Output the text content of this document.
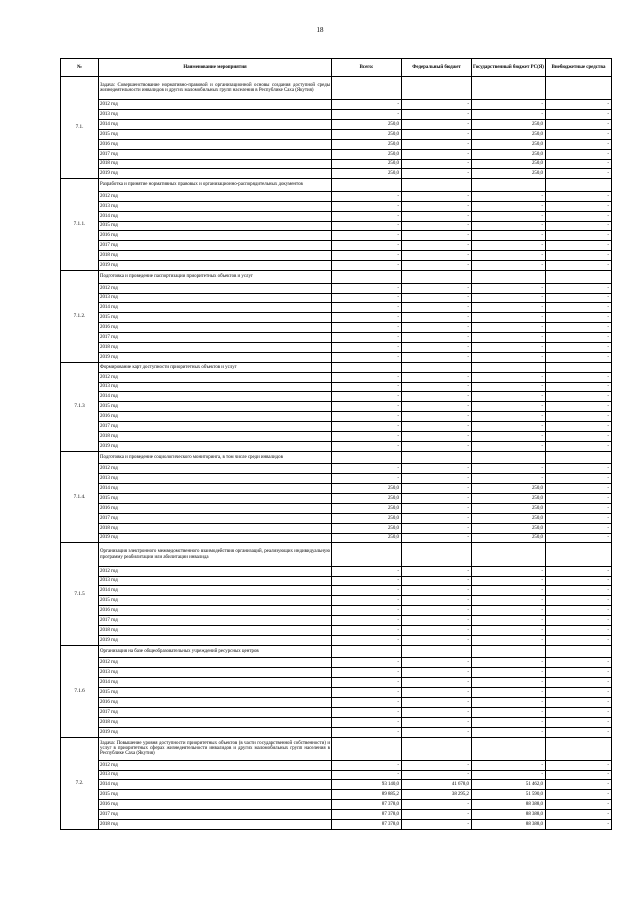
18
№	Наименование мероприятия	Всего:	Федеральный бюджет	Государственный бюджет РС(Я)	Внебюджетные средства
7.1.	Задача: Совершенствование нормативно-правовой и организационной основы создания доступной среды жизнедеятельности инвалидов и других маломобильных групп населения в Республике Саха (Якутия)				
	2012 год	-	-	-	-
	2013 год	-	-	-	-
	2014 год	250,0	-	250,0	-
	2015 год	250,0	-	250,0	-
	2016 год	250,0	-	250,0	-
	2017 год	250,0	-	250,0	-
	2018 год	250,0	-	250,0	-
	2019 год	250,0	-	250,0	-
7.1.1.	Разработка и принятие нормативных правовых и организационно-распорядительных документов				
	2012 год	-	-	-	-
	2013 год	-	-	-	-
	2014 год	-	-	-	-
	2015 год	-	-	-	-
	2016 год	-	-	-	-
	2017 год	-	-	-	-
	2018 год	-	-	-	-
	2019 год	-	-	-	-
7.1.2.	Подготовка и проведение паспортизации приоритетных объектов и услуг				
	2012 год	-	-	-	-
	2013 год	-	-	-	-
	2014 год	-	-	-	-
	2015 год	-	-	-	-
	2016 год	-	-	-	-
	2017 год	-	-	-	-
	2018 год	-	-	-	-
	2019 год	-	-	-	-
7.1.3	Формирование карт доступности приоритетных объектов и услуг				
	2012 год	-	-	-	-
	2013 год	-	-	-	-
	2014 год	-	-	-	-
	2015 год	-	-	-	-
	2016 год	-	-	-	-
	2017 год	-	-	-	-
	2018 год	-	-	-	-
	2019 год	-	-	-	-
7.1.4.	Подготовка и проведение социологического мониторинга, в том числе среди инвалидов				
	2012 год	-	-	-	-
	2013 год	-	-	-	-
	2014 год	250,0	-	250,0	-
	2015 год	250,0	-	250,0	-
	2016 год	250,0	-	250,0	-
	2017 год	250,0	-	250,0	-
	2018 год	250,0	-	250,0	-
	2019 год	250,0	-	250,0	-
7.1.5	Организация электронного межведомственного взаимодействия организаций, реализующих индивидуальную программу реабилитации или абилитации инвалида				
	2012 год	-	-	-	-
	2013 год	-	-	-	-
	2014 год	-	-	-	-
	2015 год	-	-	-	-
	2016 год	-	-	-	-
	2017 год	-	-	-	-
	2018 год	-	-	-	-
	2019 год	-	-	-	-
7.1.6	Организация на базе общеобразовательных учреждений ресурсных центров				
	2012 год	-	-	-	-
	2013 год	-	-	-	-
	2014 год	-	-	-	-
	2015 год	-	-	-	-
	2016 год	-	-	-	-
	2017 год	-	-	-	-
	2018 год	-	-	-	-
	2019 год	-	-	-	-
7.2.	Задача: Повышение уровня доступности приоритетных объектов (в части государственной собственности) и услуг в приоритетных сферах жизнедеятельности инвалидов и других маломобильных групп населения в Республике Саха (Якутия)				
	2012 год	-	-	-	-
	2013 год	-	-	-	-
	2014 год	93 140,0	41 678,0	51 462,0	-
	2015 год	89 885,2	38 295,2	51 590,0	-
	2016 год	87 378,0	-	88 388,0	-
	2017 год	87 378,0	-	88 388,0	-
	2018 год	87 378,0	-	88 388,0	-
